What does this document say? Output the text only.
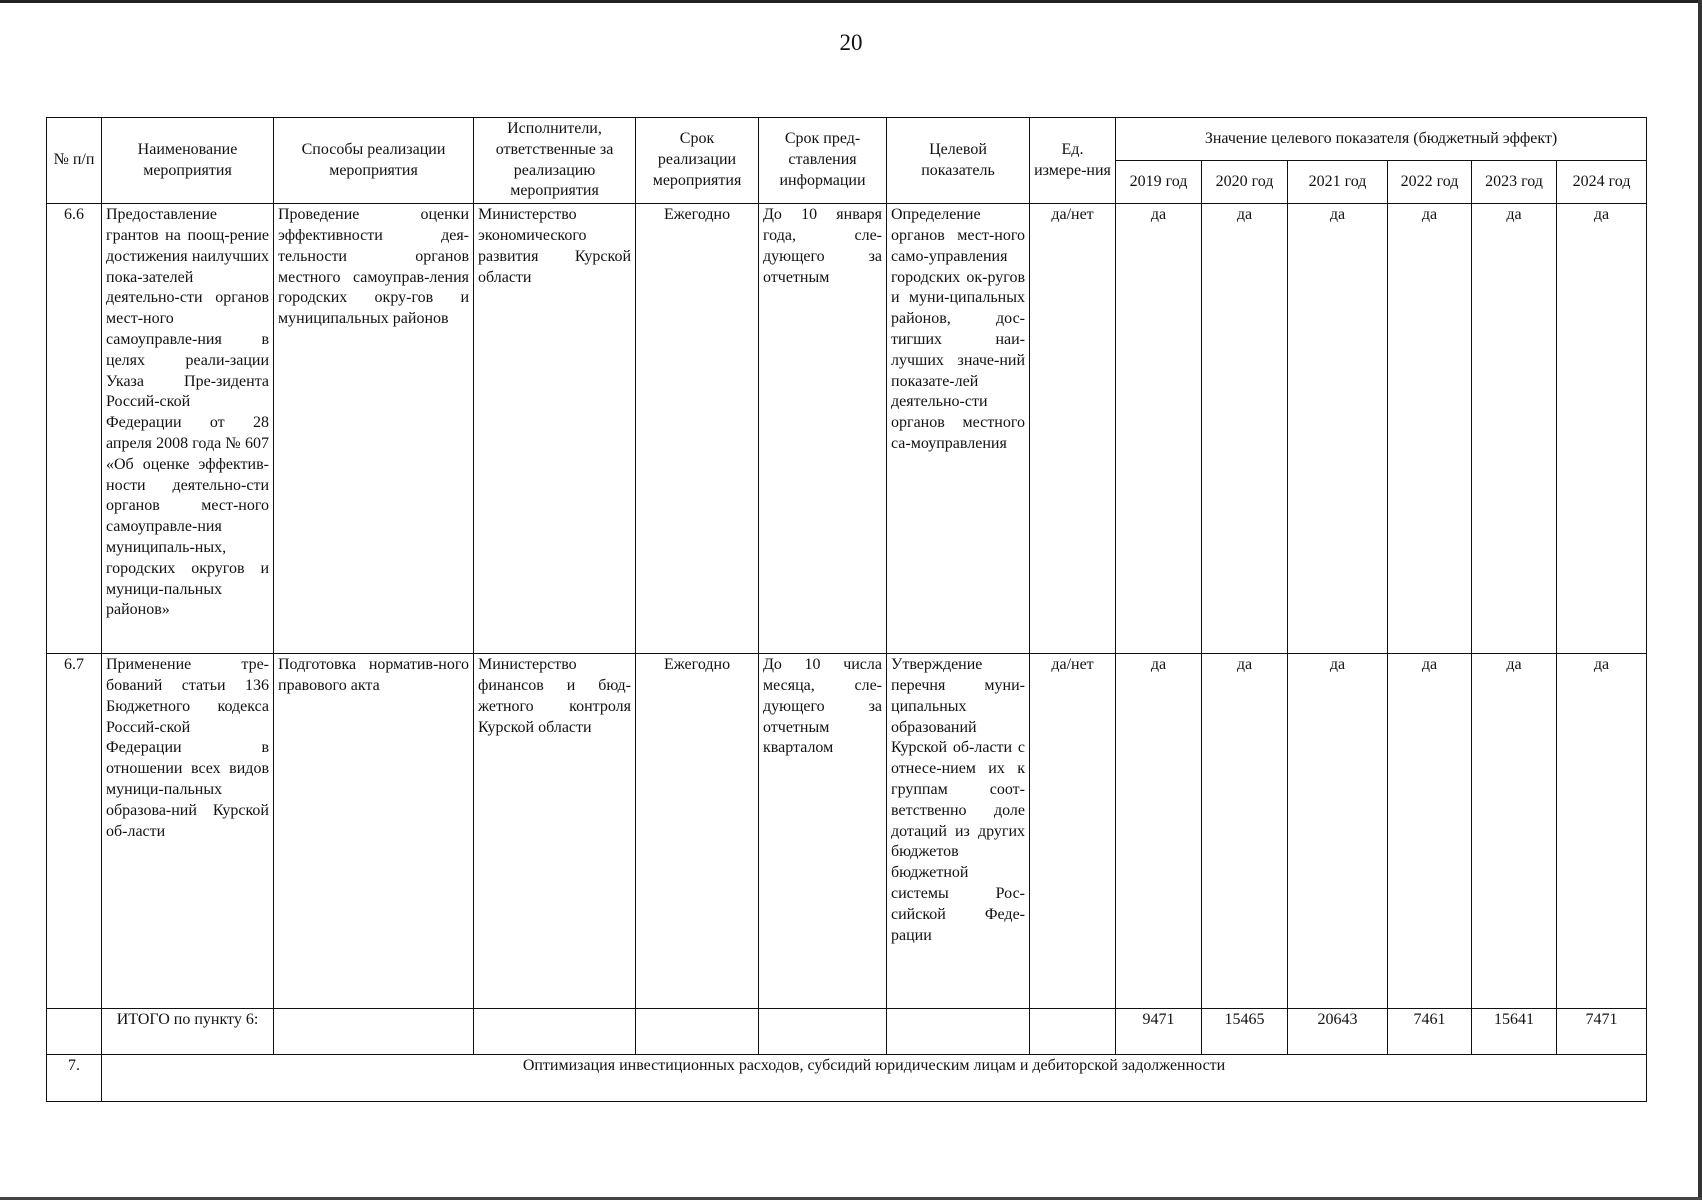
20
№ п/п	Наименование мероприятия	Способы реализации мероприятия	Исполнители, ответственные за реализацию мероприятия	Срок реализации мероприятия	Срок пред-ставления информации	Целевой показатель	Ед. измере-ния	Значение целевого показателя (бюджетный эффект)					
								2019 год	2020 год	2021 год	2022 год	2023 год	2024 год
6.6	Предоставление грантов на поощ-рение достижения наилучших пока-зателей деятельно-сти органов мест-ного самоуправле-ния в целях реали-зации Указа Пре-зидента Россий-ской Федерации от 28 апреля 2008 года № 607 «Об оценке эффектив-ности деятельно-сти органов мест-ного самоуправле-ния муниципаль-ных, городских округов и муници-пальных районов»	Проведение оценки эффективности дея-тельности органов местного самоуправ-ления городских окру-гов и муниципальных районов	Министерство экономического развития Курской области	Ежегодно	До 10 января года, сле-дующего за отчетным	Определение органов мест-ного само-управления городских ок-ругов и муни-ципальных районов, дос-тигших наи-лучших значе-ний показате-лей деятельно-сти органов местного са-моуправления	да/нет	да	да	да	да	да	да
6.7	Применение тре-бований статьи 136 Бюджетного кодекса Россий-ской Федерации в отношении всех видов муници-пальных образова-ний Курской об-ласти	Подготовка норматив-ного правового акта	Министерство финансов и бюд-жетного контроля Курской области	Ежегодно	До 10 числа месяца, сле-дующего за отчетным кварталом	Утверждение перечня муни-ципальных образований Курской об-ласти с отнесе-нием их к группам соот-ветственно доле дотаций из других бюджетов бюджетной системы Рос-сийской Феде-рации	да/нет	да	да	да	да	да	да
	ИТОГО по пункту 6:							9471	15465	20643	7461	15641	7471
7.	Оптимизация инвестиционных расходов, субсидий юридическим лицам и дебиторской задолженности												
